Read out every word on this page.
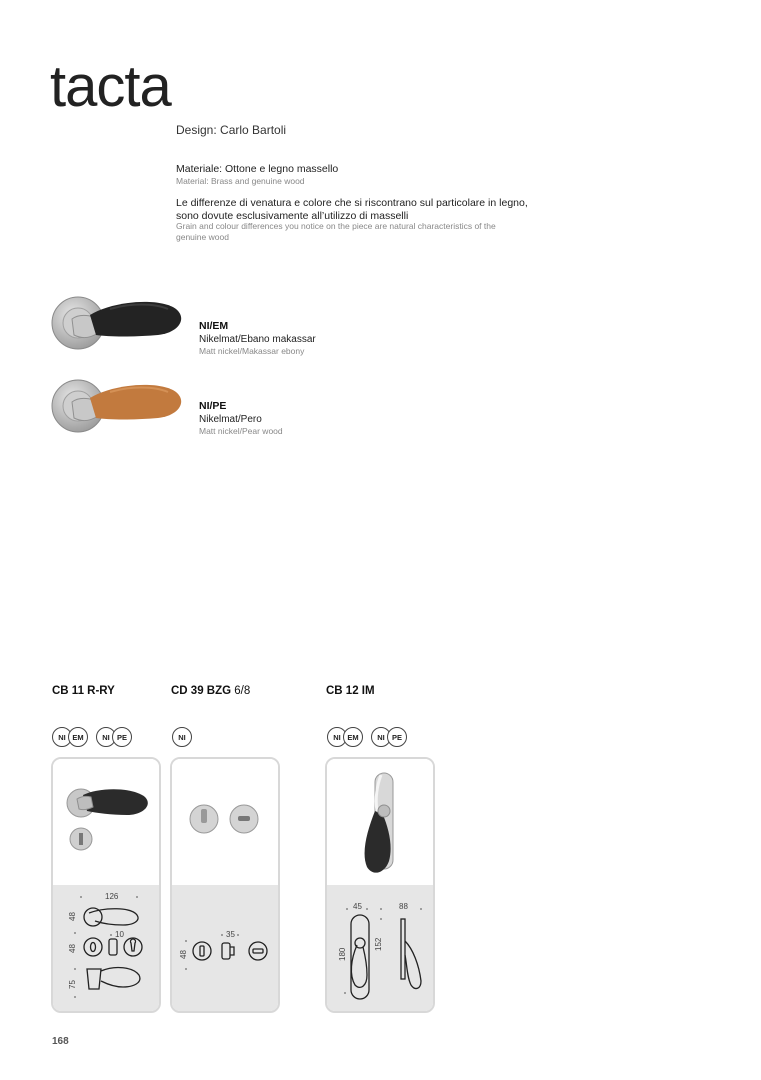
tacta
Design: Carlo Bartoli
Materiale: Ottone e legno massello
Material: Brass and genuine wood
Le differenze di venatura e colore che si riscontrano sul particolare in legno, sono dovute esclusivamente all’utilizzo di masselli
Grain and colour differences you notice on the piece are natural characteristics of the genuine wood
NI/EM
Nikelmat/Ebano makassar
Matt nickel/Makassar ebony
NI/PE
Nikelmat/Pero
Matt nickel/Pear wood
CB 11 R-RY	CD 39 BZG 6/8	CB 12 IM
NI EM	NI PE	NI	NI EM	NI PE
126
10
48
48
75
35
48
45	88
180
152
168
